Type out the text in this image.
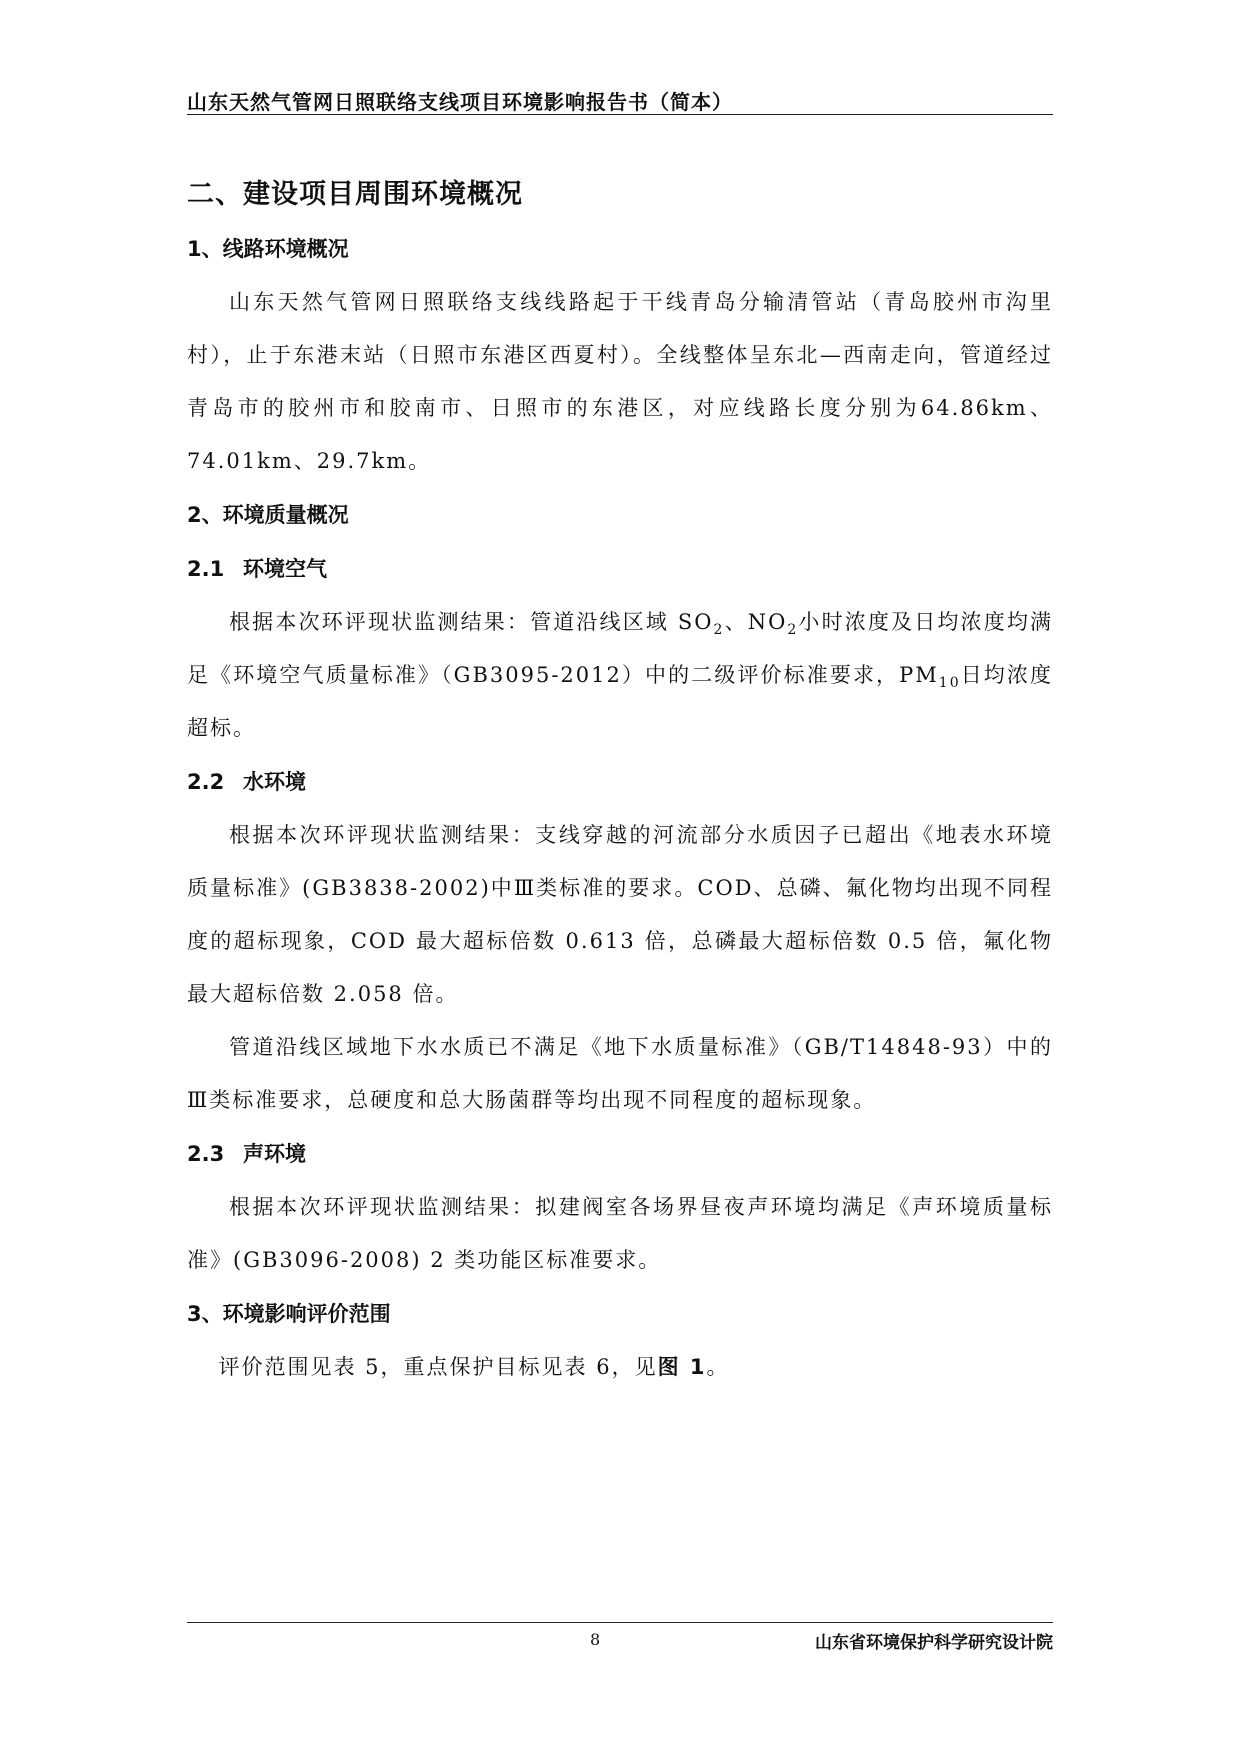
山东天然气管网日照联络支线项目环境影响报告书（简本）
二、建设项目周围环境概况
1、线路环境概况

山东天然气管网日照联络支线线路起于干线青岛分输清管站（青岛胶州市沟里村），止于东港末站（日照市东港区西夏村）。全线整体呈东北—西南走向，管道经过青岛市的胶州市和胶南市、日照市的东港区，对应线路长度分别为64.86km、74.01km、29.7km。

2、环境质量概况
2.1 环境空气

根据本次环评现状监测结果：管道沿线区域 $SO_2$、$NO_2$小时浓度及日均浓度均满足《环境空气质量标准》（GB3095-2012）中的二级评价标准要求，$PM_{10}$日均浓度超标。

2.2 水环境

根据本次环评现状监测结果：支线穿越的河流部分水质因子已超出《地表水环境质量标准》(GB3838-2002)中Ⅲ类标准的要求。COD、总磷、氟化物均出现不同程度的超标现象，COD 最大超标倍数 0.613 倍，总磷最大超标倍数 0.5 倍，氟化物最大超标倍数 2.058 倍。

管道沿线区域地下水水质已不满足《地下水质量标准》（GB/T14848-93）中的Ⅲ类标准要求，总硬度和总大肠菌群等均出现不同程度的超标现象。

2.3 声环境

根据本次环评现状监测结果：拟建阀室各场界昼夜声环境均满足《声环境质量标准》(GB3096-2008) 2 类功能区标准要求。

3、环境影响评价范围

评价范围见表 5，重点保护目标见表 6，见图 1。

8	山东省环境保护科学研究设计院
